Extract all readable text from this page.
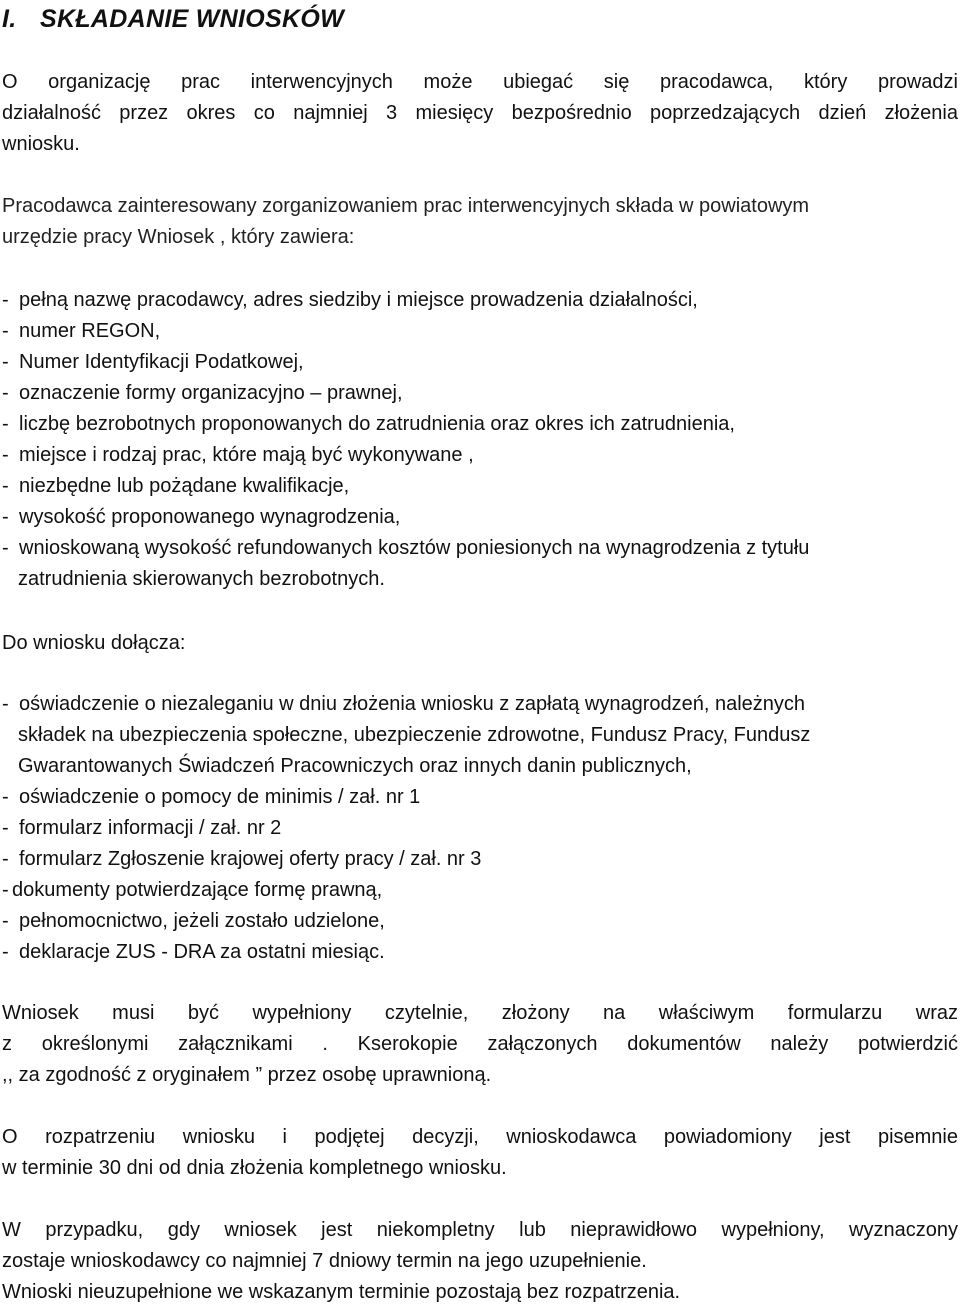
I. SKŁADANIE WNIOSKÓW
O organizację prac interwencyjnych może ubiegać się pracodawca, który prowadzi
działalność przez okres co najmniej 3 miesięcy bezpośrednio poprzedzających dzień złożenia
wniosku.
Pracodawca zainteresowany zorganizowaniem prac interwencyjnych składa w powiatowym
urzędzie pracy Wniosek , który zawiera:
- pełną nazwę pracodawcy, adres siedziby i miejsce prowadzenia działalności,
- numer REGON,
- Numer Identyfikacji Podatkowej,
- oznaczenie formy organizacyjno – prawnej,
- liczbę bezrobotnych proponowanych do zatrudnienia oraz okres ich zatrudnienia,
- miejsce i rodzaj prac, które mają być wykonywane ,
- niezbędne lub pożądane kwalifikacje,
- wysokość proponowanego wynagrodzenia,
- wnioskowaną wysokość refundowanych kosztów poniesionych na wynagrodzenia z tytułu
zatrudnienia skierowanych bezrobotnych.
Do wniosku dołącza:
- oświadczenie o niezaleganiu w dniu złożenia wniosku z zapłatą wynagrodzeń, należnych
składek na ubezpieczenia społeczne, ubezpieczenie zdrowotne, Fundusz Pracy, Fundusz
Gwarantowanych Świadczeń Pracowniczych oraz innych danin publicznych,
- oświadczenie o pomocy de minimis / zał. nr 1
- formularz informacji / zał. nr 2
- formularz Zgłoszenie krajowej oferty pracy / zał. nr 3
- dokumenty potwierdzające formę prawną,
- pełnomocnictwo, jeżeli zostało udzielone,
- deklaracje ZUS - DRA za ostatni miesiąc.
Wniosek musi być wypełniony czytelnie, złożony na właściwym formularzu wraz
z określonymi załącznikami . Kserokopie załączonych dokumentów należy potwierdzić
,, za zgodność z oryginałem ” przez osobę uprawnioną.
O rozpatrzeniu wniosku i podjętej decyzji, wnioskodawca powiadomiony jest pisemnie
w terminie 30 dni od dnia złożenia kompletnego wniosku.
W przypadku, gdy wniosek jest niekompletny lub nieprawidłowo wypełniony, wyznaczony
zostaje wnioskodawcy co najmniej 7 dniowy termin na jego uzupełnienie.
Wnioski nieuzupełnione we wskazanym terminie pozostają bez rozpatrzenia.
